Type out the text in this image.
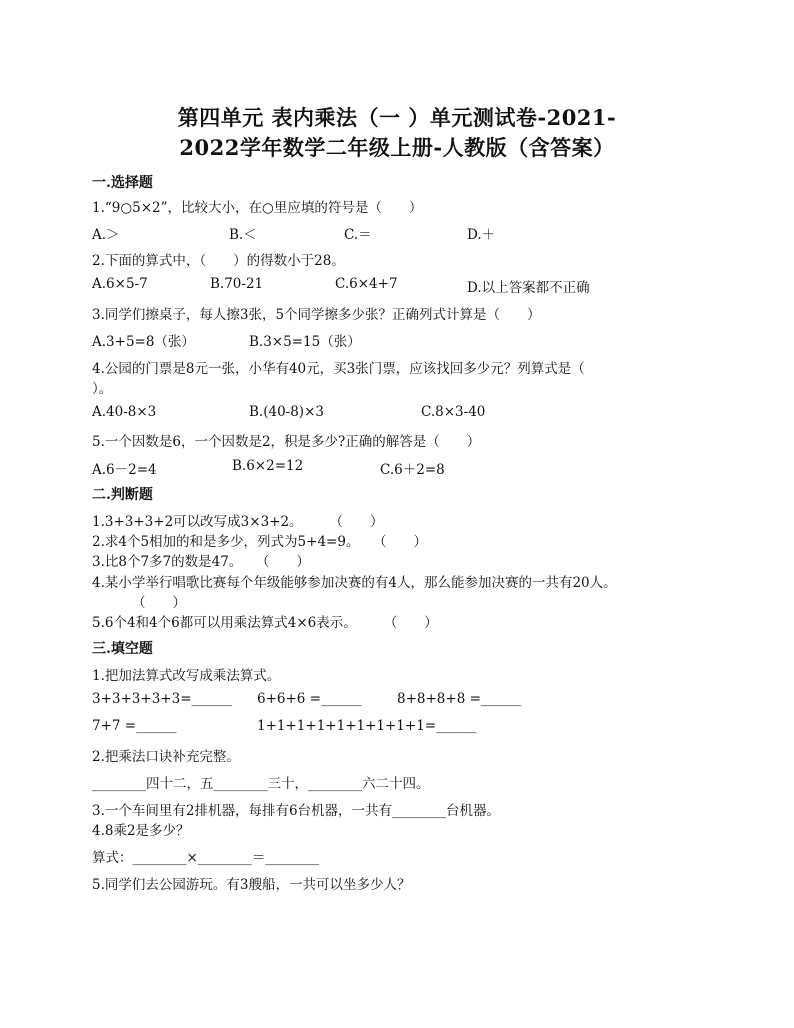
第四单元 表内乘法（一 ）单元测试卷-2021-
2022学年数学二年级上册-人教版（含答案）
一.选择题
1.“9○5×2”，比较大小，在○里应填的符号是（　　）
A.＞	B.＜	C.＝	D.＋
2.下面的算式中，（　　）的得数小于28。
A.6×5-7	B.70-21	C.6×4+7	D.以上答案都不正确
3.同学们擦桌子，每人擦3张，5个同学擦多少张？正确列式计算是（　　）
A.3+5=8（张）	B.3×5=15（张）
4.公园的门票是8元一张，小华有40元，买3张门票，应该找回多少元？列算式是（
）。
A.40-8×3	B.(40-8)×3	C.8×3-40
5.一个因数是6，一个因数是2，积是多少?正确的解答是（　　）
A.6－2=4	B.6×2=12	C.6＋2=8
二.判断题
1.3+3+3+2可以改写成3×3+2。　　　（　　）
2.求4个5相加的和是多少，列式为5+4=9。　　（　　）
3.比8个7多7的数是47。　　（　　）
4.某小学举行唱歌比赛每个年级能够参加决赛的有4人，那么能参加决赛的一共有20人。
（　　）
5.6个4和4个6都可以用乘法算式4×6表示。　　　（　　）
三.填空题
1.把加法算式改写成乘法算式。
3+3+3+3+3=______ 6+6+6 =______	8+8+8+8 =______
7+7 =______	1+1+1+1+1+1+1+1+1=______
2.把乘法口诀补充完整。
________四十二，五________三十，________六二十四。
3.一个车间里有2排机器，每排有6台机器，一共有________台机器。
4.8乘2是多少？
算式：________×________＝________
5.同学们去公园游玩。有3艘船，一共可以坐多少人？
